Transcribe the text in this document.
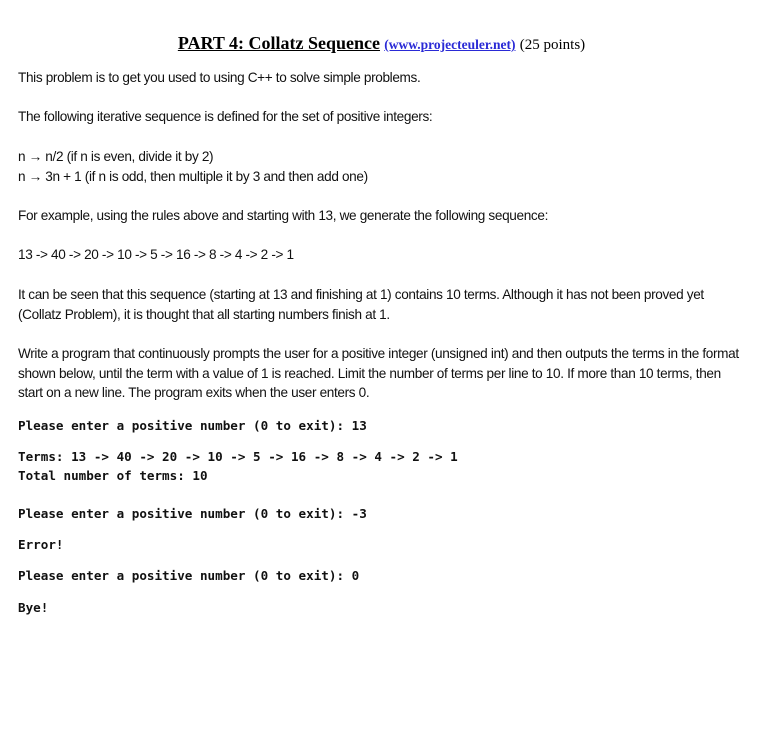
PART 4: Collatz Sequence (www.projecteuler.net) (25 points)
This problem is to get you used to using C++ to solve simple problems.
The following iterative sequence is defined for the set of positive integers:
n → n/2 (if n is even, divide it by 2)
n → 3n + 1 (if n is odd, then multiple it by 3 and then add one)
For example, using the rules above and starting with 13, we generate the following sequence:
13 -> 40 -> 20 -> 10 -> 5 -> 16 -> 8 -> 4 -> 2 -> 1
It can be seen that this sequence (starting at 13 and finishing at 1) contains 10 terms. Although it has not been proved yet (Collatz Problem), it is thought that all starting numbers finish at 1.
Write a program that continuously prompts the user for a positive integer (unsigned int) and then outputs the terms in the format shown below, until the term with a value of 1 is reached. Limit the number of terms per line to 10. If more than 10 terms, then start on a new line. The program exits when the user enters 0.
Please enter a positive number (0 to exit): 13
Terms: 13 -> 40 -> 20 -> 10 -> 5 -> 16 -> 8 -> 4 -> 2 -> 1
Total number of terms: 10
Please enter a positive number (0 to exit): -3
Error!
Please enter a positive number (0 to exit): 0
Bye!
